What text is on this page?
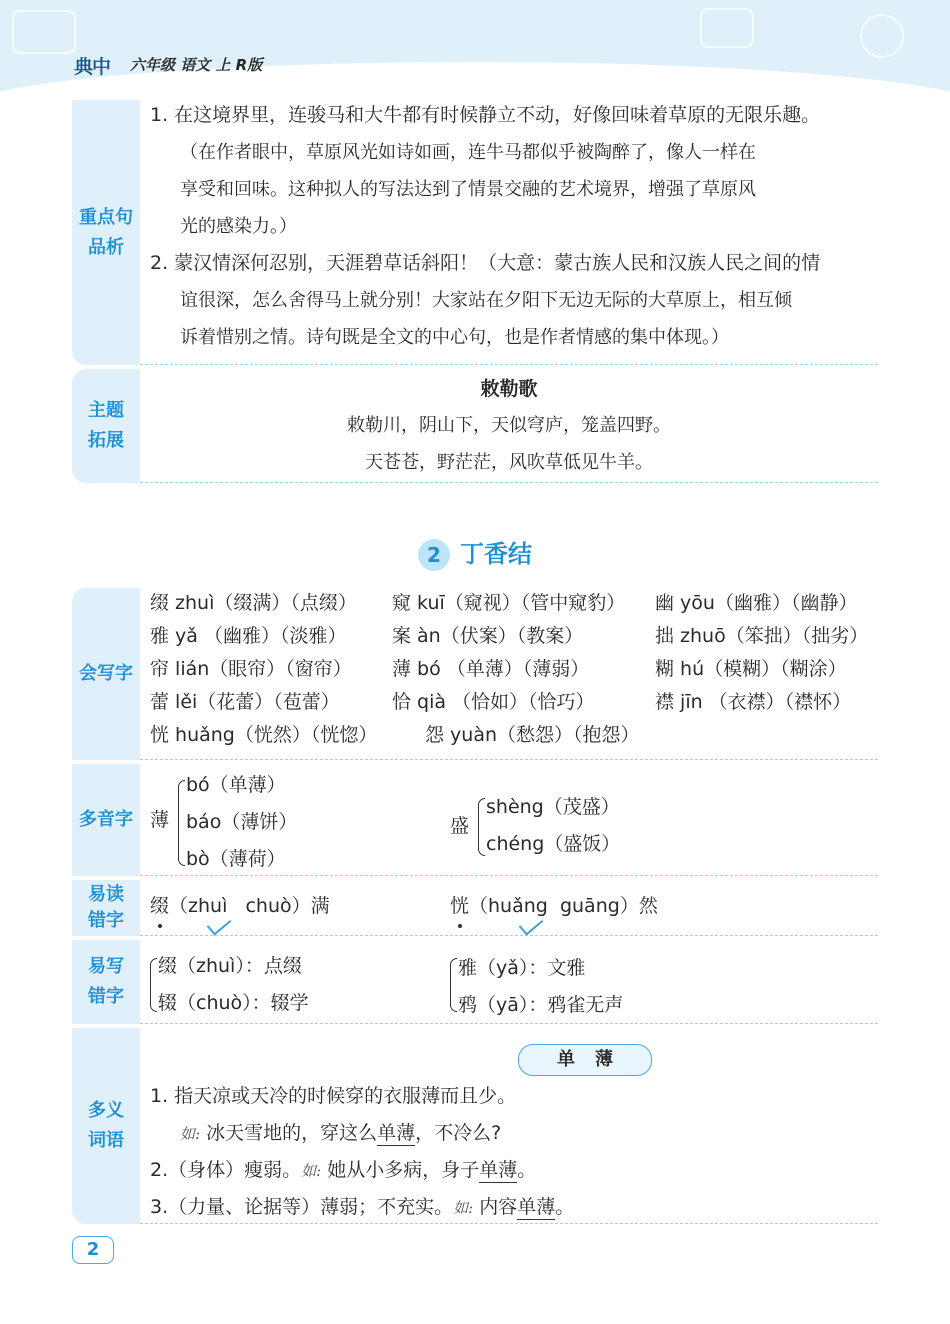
典中 六年级 语文 上 R版
重点句
品析
1. 在这境界里，连骏马和大牛都有时候静立不动，好像回味着草原的无限乐趣。
（在作者眼中，草原风光如诗如画，连牛马都似乎被陶醉了，像人一样在
享受和回味。这种拟人的写法达到了情景交融的艺术境界，增强了草原风
光的感染力。）
2. 蒙汉情深何忍别，天涯碧草话斜阳！（大意：蒙古族人民和汉族人民之间的情
谊很深，怎么舍得马上就分别！大家站在夕阳下无边无际的大草原上，相互倾
诉着惜别之情。诗句既是全文的中心句，也是作者情感的集中体现。）
主题
拓展
敕勒歌
敕勒川，阴山下，天似穹庐，笼盖四野。
天苍苍，野茫茫，风吹草低见牛羊。
2 丁香结
会写字
缀 zhuì（缀满）（点缀） 窥 kuī（窥视）（管中窥豹） 幽 yōu（幽雅）（幽静）
雅 yǎ （幽雅）（淡雅） 案 àn（伏案）（教案）	拙 zhuō（笨拙）（拙劣）
帘 lián（眼帘）（窗帘） 薄 bó （单薄）（薄弱）	糊 hú（模糊）（糊涂）
蕾 lěi（花蕾）（苞蕾）	恰 qià （恰如）（恰巧）	襟 jīn （衣襟）（襟怀）
恍 huǎng（恍然）（恍惚）	怨 yuàn（愁怨）（抱怨）
多音字 薄
bó（单薄）
báo（薄饼）
bò（薄荷）
盛
shèng（茂盛）
chéng（盛饭）
易读
错字
缀（zhuì chuò）满	恍（huǎng guāng）然
易写
错字
缀（zhuì）：点缀
辍（chuò）：辍学
雅（yǎ）：文雅
鸦（yā）：鸦雀无声
多义
词语
单薄
1. 指天凉或天冷的时候穿的衣服薄而且少。
如: 冰天雪地的，穿这么单薄，不冷么?
2.（身体）瘦弱。如: 她从小多病，身子单薄。
3.（力量、论据等）薄弱；不充实。如: 内容单薄。
2
